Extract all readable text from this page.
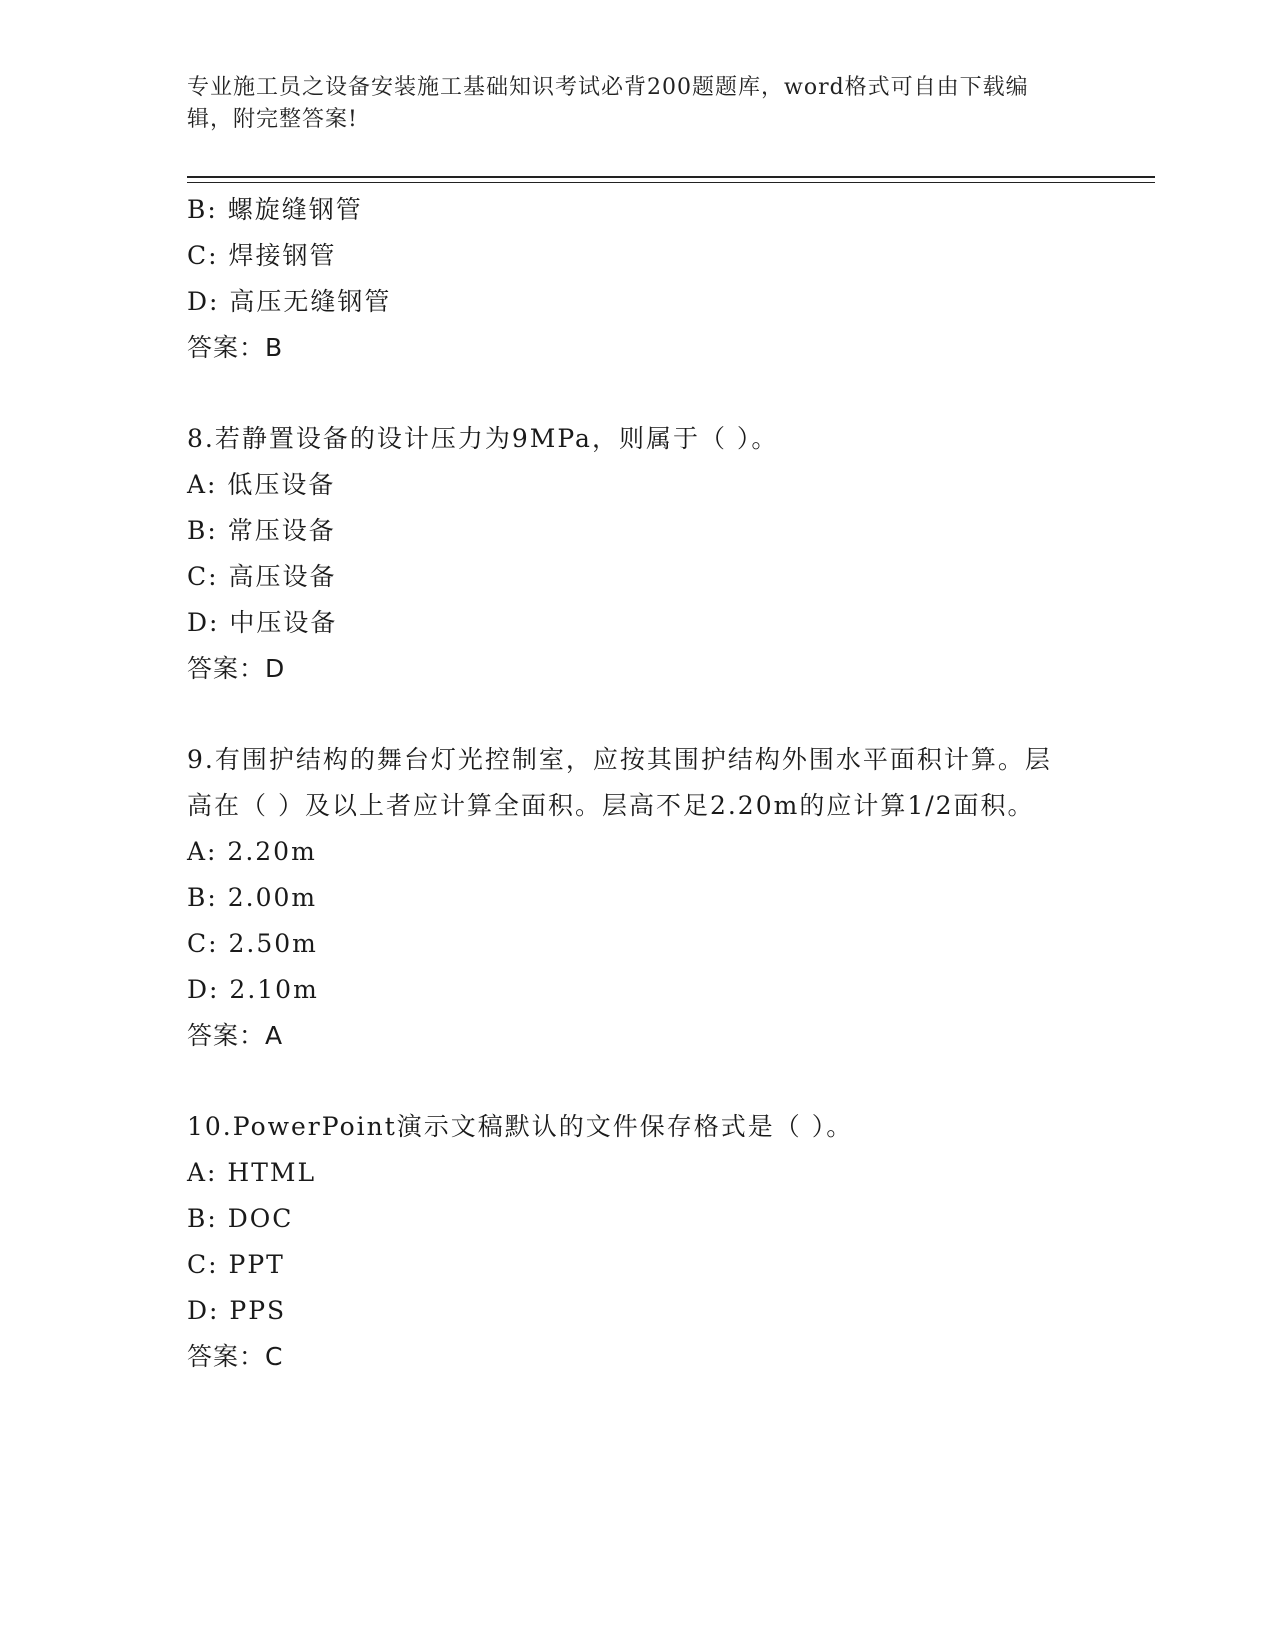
专业施工员之设备安装施工基础知识考试必背200题题库，word格式可自由下载编辑，附完整答案!
B: 螺旋缝钢管
C: 焊接钢管
D: 高压无缝钢管
答案：B
8.若静置设备的设计压力为9MPa，则属于（ ）。
A: 低压设备
B: 常压设备
C: 高压设备
D: 中压设备
答案：D
9.有围护结构的舞台灯光控制室，应按其围护结构外围水平面积计算。层高在（ ）及以上者应计算全面积。层高不足2.20m的应计算1/2面积。
A: 2.20m
B: 2.00m
C: 2.50m
D: 2.10m
答案：A
10.PowerPoint演示文稿默认的文件保存格式是（ ）。
A: HTML
B: DOC
C: PPT
D: PPS
答案：C
